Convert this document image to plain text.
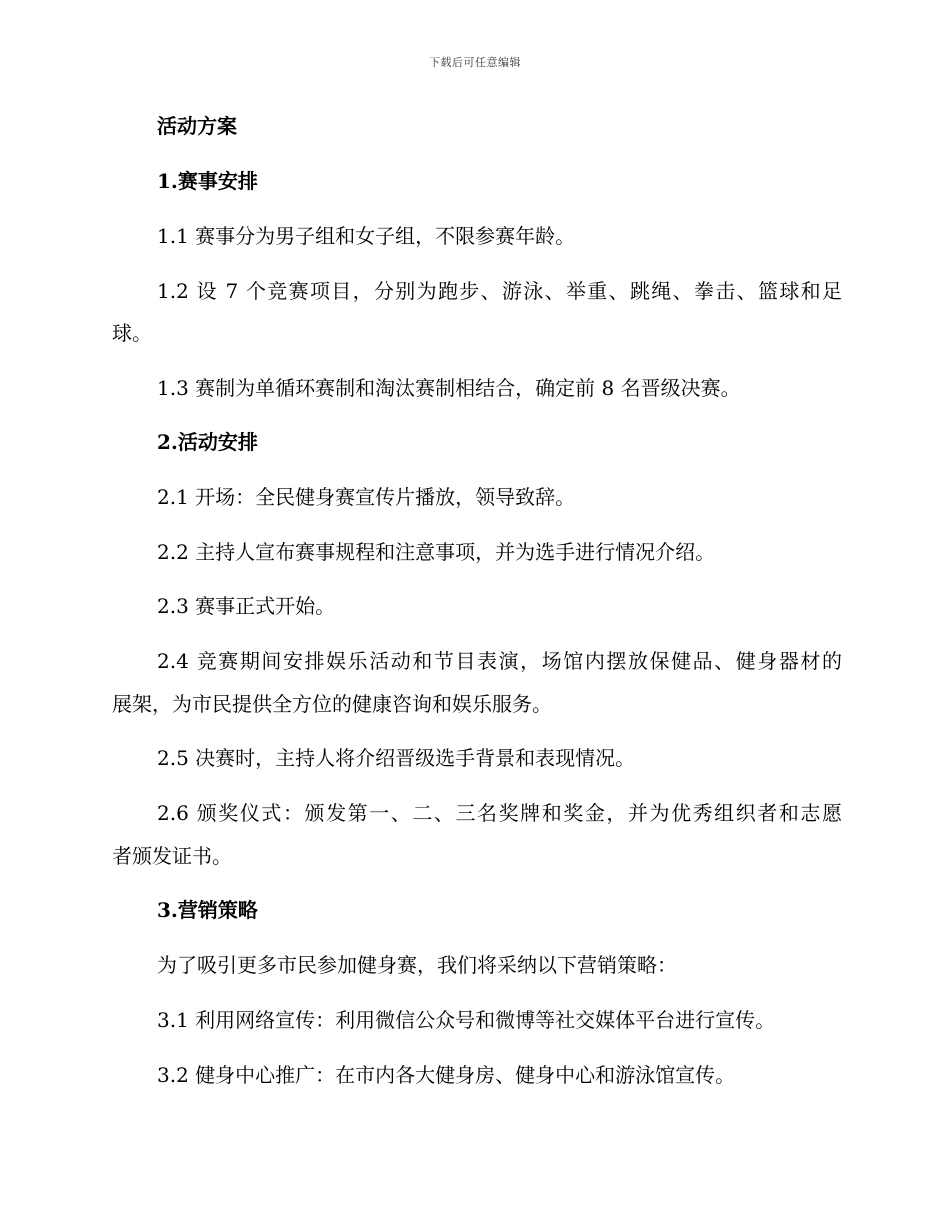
下载后可任意编辑
活动方案
1.赛事安排
1.1 赛事分为男子组和女子组，不限参赛年龄。
1.2 设 7 个竞赛项目，分别为跑步、游泳、举重、跳绳、拳击、篮球和足
球。
1.3 赛制为单循环赛制和淘汰赛制相结合，确定前 8 名晋级决赛。
2.活动安排
2.1 开场：全民健身赛宣传片播放，领导致辞。
2.2 主持人宣布赛事规程和注意事项，并为选手进行情况介绍。
2.3 赛事正式开始。
2.4 竞赛期间安排娱乐活动和节目表演，场馆内摆放保健品、健身器材的
展架，为市民提供全方位的健康咨询和娱乐服务。
2.5 决赛时，主持人将介绍晋级选手背景和表现情况。
2.6 颁奖仪式：颁发第一、二、三名奖牌和奖金，并为优秀组织者和志愿
者颁发证书。
3.营销策略
为了吸引更多市民参加健身赛，我们将采纳以下营销策略：
3.1 利用网络宣传：利用微信公众号和微博等社交媒体平台进行宣传。
3.2 健身中心推广：在市内各大健身房、健身中心和游泳馆宣传。
